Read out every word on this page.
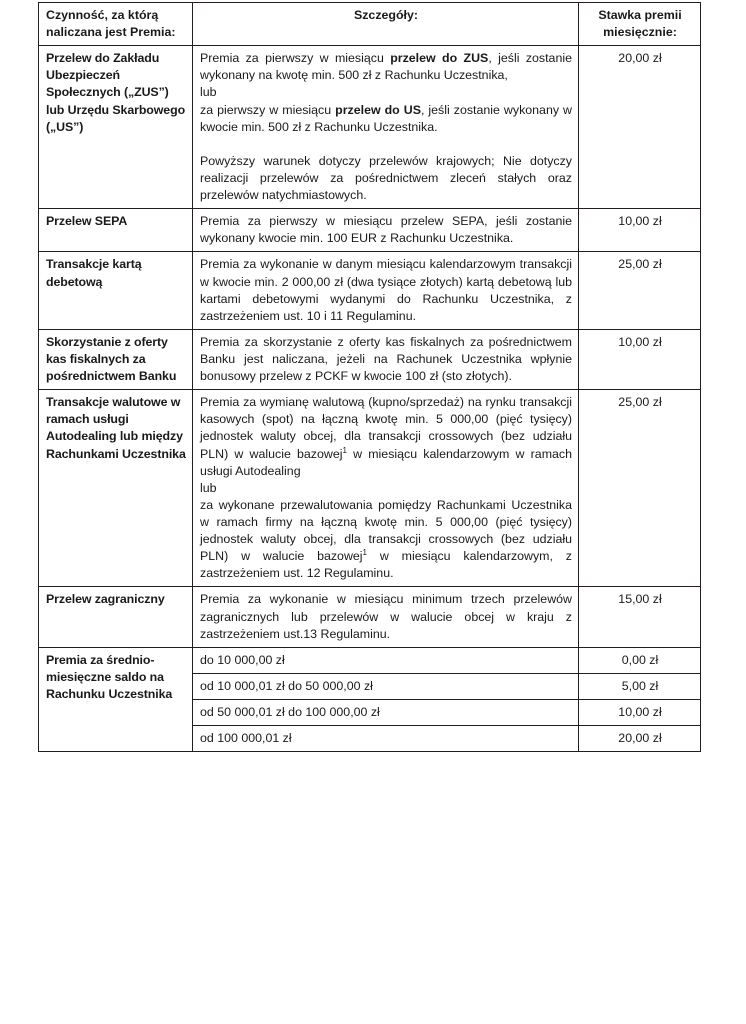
Czynność, za którą naliczana jest Premia:	Szczegóły:	Stawka premii miesięcznie:
Przelew do Zakładu Ubezpieczeń Społecznych („ZUS”) lub Urzędu Skarbowego („US”)	Premia za pierwszy w miesiącu przelew do ZUS, jeśli zostanie wykonany na kwotę min. 500 zł z Rachunku Uczestnika,

lub

za pierwszy w miesiącu przelew do US, jeśli zostanie wykonany w kwocie min. 500 zł z Rachunku Uczestnika.

Powyższy warunek dotyczy przelewów krajowych; Nie dotyczy realizacji przelewów za pośrednictwem zleceń stałych oraz przelewów natychmiastowych.	20,00 zł
Przelew SEPA	Premia za pierwszy w miesiącu przelew SEPA, jeśli zostanie wykonany kwocie min. 100 EUR z Rachunku Uczestnika.	10,00 zł
Transakcje kartą debetową	Premia za wykonanie w danym miesiącu kalendarzowym transakcji w kwocie min. 2 000,00 zł (dwa tysiące złotych) kartą debetową lub kartami debetowymi wydanymi do Rachunku Uczestnika, z zastrzeżeniem ust. 10 i 11 Regulaminu.	25,00 zł
Skorzystanie z oferty kas fiskalnych za pośrednictwem Banku	Premia za skorzystanie z oferty kas fiskalnych za pośrednictwem Banku jest naliczana, jeżeli na Rachunek Uczestnika wpłynie bonusowy przelew z PCKF w kwocie 100 zł (sto złotych).	10,00 zł
Transakcje walutowe w ramach usługi Autodealing lub między Rachunkami Uczestnika	Premia za wymianę walutową (kupno/sprzedaż) na rynku transakcji kasowych (spot) na łączną kwotę min. 5 000,00 (pięć tysięcy) jednostek waluty obcej, dla transakcji crossowych (bez udziału PLN) w walucie bazowej$^1$ w miesiącu kalendarzowym w ramach usługi Autodealing

lub

za wykonane przewalutowania pomiędzy Rachunkami Uczestnika w ramach firmy na łączną kwotę min. 5 000,00 (pięć tysięcy) jednostek waluty obcej, dla transakcji crossowych (bez udziału PLN) w walucie bazowej$^1$ w miesiącu kalendarzowym, z zastrzeżeniem ust. 12 Regulaminu.	25,00 zł
Przelew zagraniczny	Premia za wykonanie w miesiącu minimum trzech przelewów zagranicznych lub przelewów w walucie obcej w kraju z zastrzeżeniem ust.13 Regulaminu.	15,00 zł
Premia za średnio-miesięczne saldo na Rachunku Uczestnika	do 10 000,00 zł	0,00 zł
	od 10 000,01 zł do 50 000,00 zł	5,00 zł
	od 50 000,01 zł do 100 000,00 zł	10,00 zł
	od 100 000,01 zł	20,00 zł
